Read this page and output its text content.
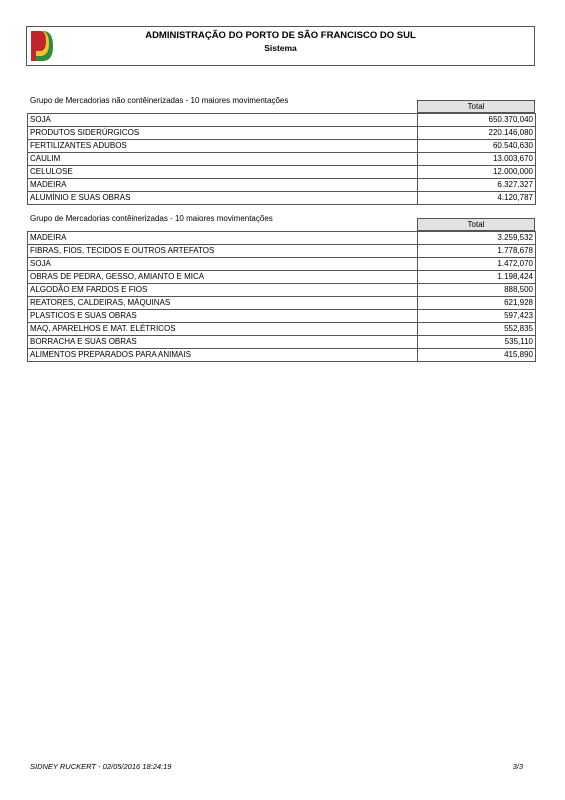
ADMINISTRAÇÃO DO PORTO DE SÃO FRANCISCO DO SUL
Sistema
Grupo de Mercadorias não contêinerizadas - 10 maiores movimentações
Total
SOJA	650.370,040
PRODUTOS SIDERÚRGICOS	220.146,080
FERTILIZANTES ADUBOS	60.540,630
CAULIM	13.003,670
CELULOSE	12.000,000
MADEIRA	6.327,327
ALUMÍNIO E SUAS OBRAS	4.120,787
Grupo de Mercadorias contêinerizadas - 10 maiores movimentações
Total
MADEIRA	3.259,532
FIBRAS, FIOS, TECIDOS E OUTROS ARTEFATOS	1.778,678
SOJA	1.472,070
OBRAS DE PEDRA, GESSO, AMIANTO E MICA	1.198,424
ALGODÃO EM FARDOS E FIOS	888,500
REATORES, CALDEIRAS, MÁQUINAS	621,928
PLASTICOS E SUAS OBRAS	597,423
MAQ, APARELHOS E MAT. ELÉTRICOS	552,835
BORRACHA E SUAS OBRAS	535,110
ALIMENTOS PREPARADOS PARA ANIMAIS	415,890
SIDNEY RUCKERT - 02/05/2016 18:24:19	3/3
